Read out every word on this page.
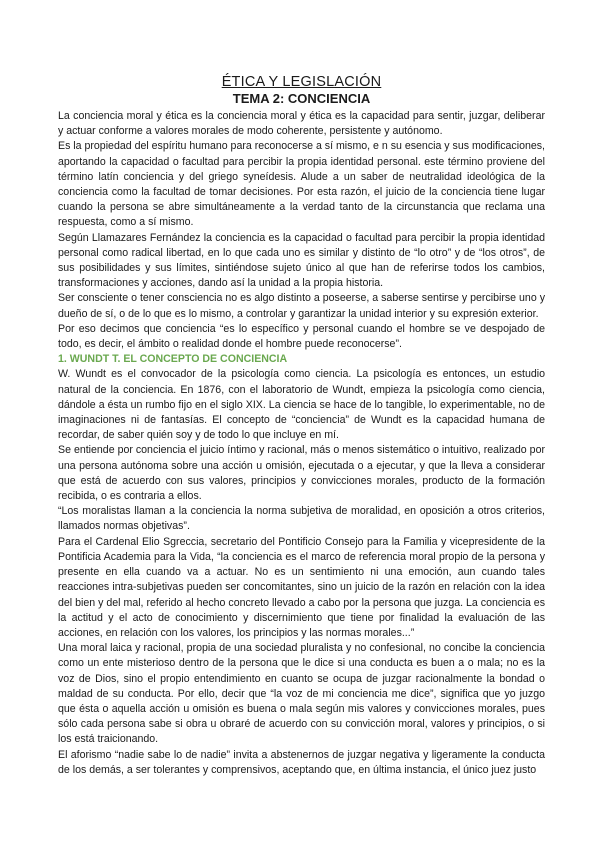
ÉTICA Y LEGISLACIÓN
TEMA 2: CONCIENCIA

La conciencia moral y ética es la conciencia moral y ética es la capacidad para sentir, juzgar, deliberar y actuar conforme a valores morales de modo coherente, persistente y autónomo.

Es la propiedad del espíritu humano para reconocerse a sí mismo, e n su esencia y sus modificaciones, aportando la capacidad o facultad para percibir la propia identidad personal. este término proviene del término latín conciencia y del griego syneídesis. Alude a un saber de neutralidad ideológica de la conciencia como la facultad de tomar decisiones. Por esta razón, el juicio de la conciencia tiene lugar cuando la persona se abre simultáneamente a la verdad tanto de la circunstancia que reclama una respuesta, como a sí mismo.

Según Llamazares Fernández la conciencia es la capacidad o facultad para percibir la propia identidad personal como radical libertad, en lo que cada uno es similar y distinto de “lo otro” y de “los otros”, de sus posibilidades y sus límites, sintiéndose sujeto único al que han de referirse todos los cambios, transformaciones y acciones, dando así la unidad a la propia historia.

Ser consciente o tener consciencia no es algo distinto a poseerse, a saberse sentirse y percibirse uno y dueño de sí, o de lo que es lo mismo, a controlar y garantizar la unidad interior y su expresión exterior.

Por eso decimos que conciencia “es lo específico y personal cuando el hombre se ve despojado de todo, es decir, el ámbito o realidad donde el hombre puede reconocerse”.

1. WUNDT T. EL CONCEPTO DE CONCIENCIA

W. Wundt es el convocador de la psicología como ciencia. La psicología es entonces, un estudio natural de la conciencia. En 1876, con el laboratorio de Wundt, empieza la psicología como ciencia, dándole a ésta un rumbo fijo en el siglo XIX. La ciencia se hace de lo tangible, lo experimentable, no de imaginaciones ni de fantasías. El concepto de “conciencia” de Wundt es la capacidad humana de recordar, de saber quién soy y de todo lo que incluye en mí.

Se entiende por conciencia el juicio íntimo y racional, más o menos sistemático o intuitivo, realizado por una persona autónoma sobre una acción u omisión, ejecutada o a ejecutar, y que la lleva a considerar que está de acuerdo con sus valores, principios y convicciones morales, producto de la formación recibida, o es contraria a ellos.

“Los moralistas llaman a la conciencia la norma subjetiva de moralidad, en oposición a otros criterios, llamados normas objetivas”.

Para el Cardenal Elio Sgreccia, secretario del Pontificio Consejo para la Familia y vicepresidente de la Pontificia Academia para la Vida, “la conciencia es el marco de referencia moral propio de la persona y presente en ella cuando va a actuar. No es un sentimiento ni una emoción, aun cuando tales reacciones intra-subjetivas pueden ser concomitantes, sino un juicio de la razón en relación con la idea del bien y del mal, referido al hecho concreto llevado a cabo por la persona que juzga. La conciencia es la actitud y el acto de conocimiento y discernimiento que tiene por finalidad la evaluación de las acciones, en relación con los valores, los principios y las normas morales...”

Una moral laica y racional, propia de una sociedad pluralista y no confesional, no concibe la conciencia como un ente misterioso dentro de la persona que le dice si una conducta es buen a o mala; no es la voz de Dios, sino el propio entendimiento en cuanto se ocupa de juzgar racionalmente la bondad o maldad de su conducta. Por ello, decir que “la voz de mi conciencia me dice”, significa que yo juzgo que ésta o aquella acción u omisión es buena o mala según mis valores y convicciones morales, pues sólo cada persona sabe si obra u obraré de acuerdo con su convicción moral, valores y principios, o si los está traicionando.

El aforismo “nadie sabe lo de nadie” invita a abstenernos de juzgar negativa y ligeramente la conducta de los demás, a ser tolerantes y comprensivos, aceptando que, en última instancia, el único juez justo
